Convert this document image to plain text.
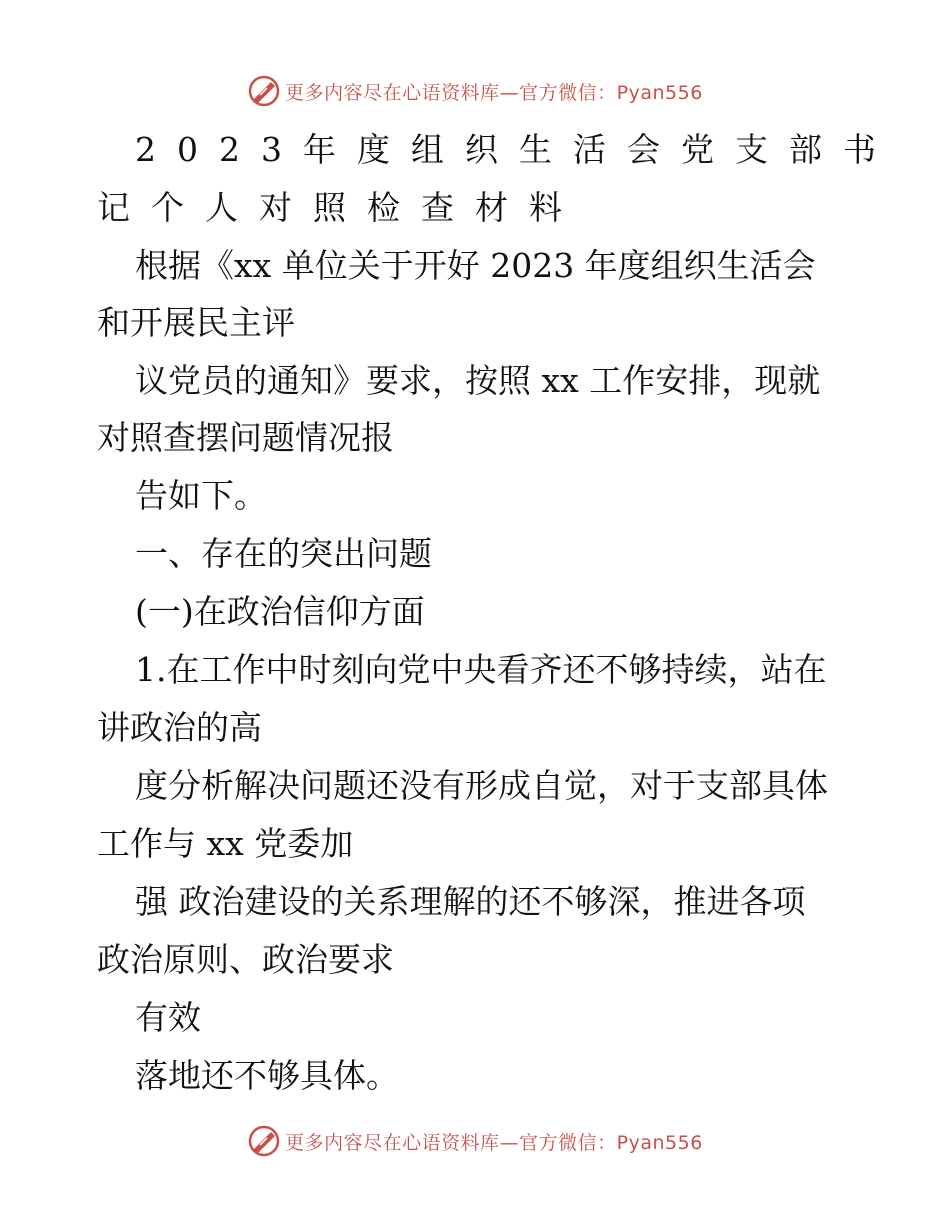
更多内容尽在心语资料库—官方微信：Pyan556
2023年度组织生活会党支部书
记个人对照检查材料
根据《xx 单位关于开好 2023 年度组织生活会
和开展民主评
议党员的通知》要求，按照 xx 工作安排，现就
对照查摆问题情况报
告如下。
一、存在的突出问题
(一)在政治信仰方面
1.在工作中时刻向党中央看齐还不够持续，站在
讲政治的高
度分析解决问题还没有形成自觉，对于支部具体
工作与 xx 党委加
强 政治建设的关系理解的还不够深，推进各项
政治原则、政治要求
有效
落地还不够具体。
更多内容尽在心语资料库—官方微信：Pyan556
